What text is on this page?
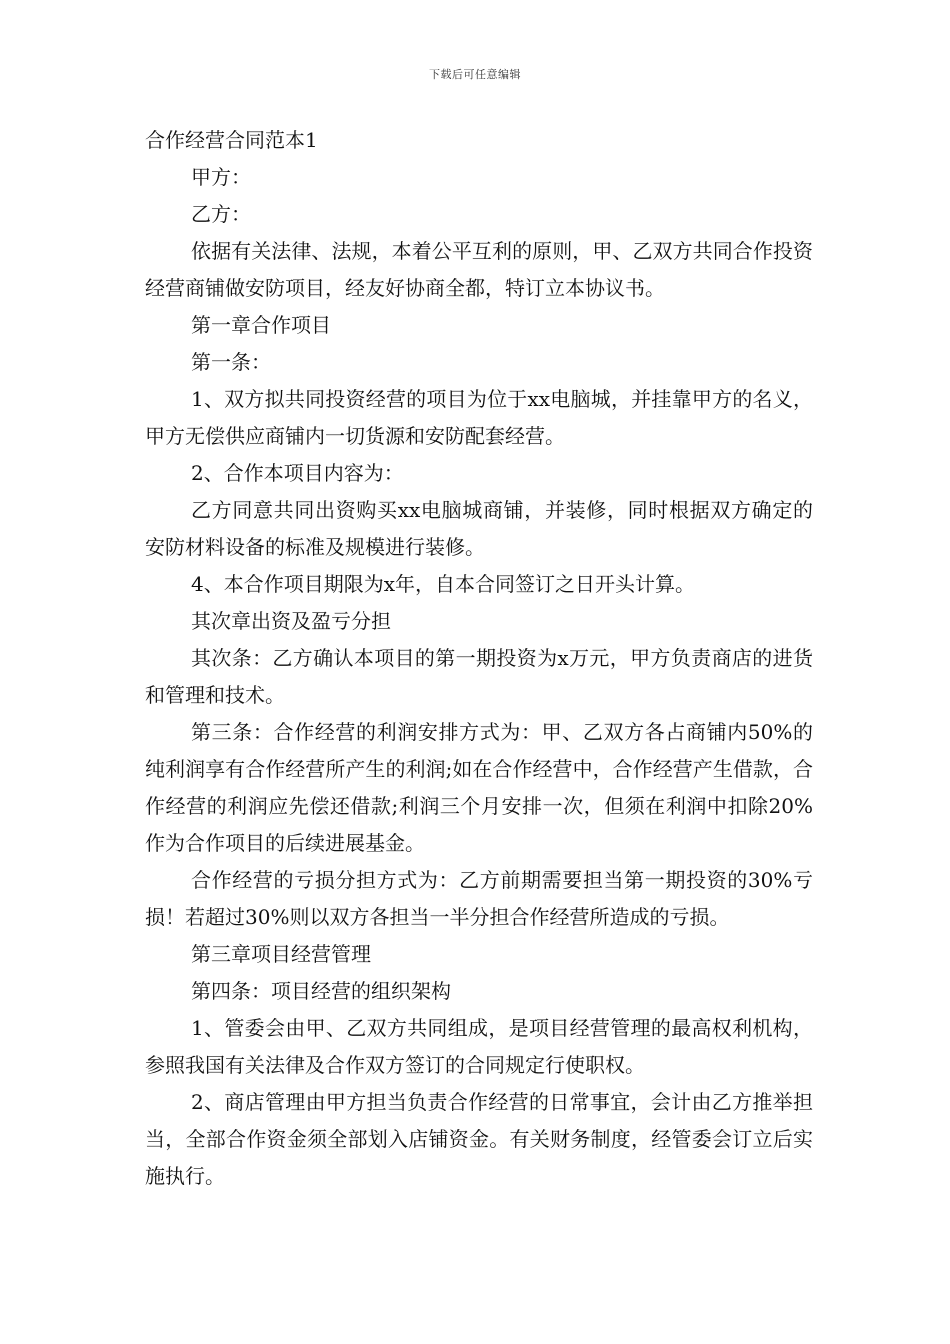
下载后可任意编辑
合作经营合同范本1

甲方：

乙方：

依据有关法律、法规，本着公平互利的原则，甲、乙双方共同合作投资经营商铺做安防项目，经友好协商全都，特订立本协议书。

第一章合作项目

第一条：

1、双方拟共同投资经营的项目为位于xx电脑城，并挂靠甲方的名义，甲方无偿供应商铺内一切货源和安防配套经营。

2、合作本项目内容为：

乙方同意共同出资购买xx电脑城商铺，并装修，同时根据双方确定的安防材料设备的标准及规模进行装修。

4、本合作项目期限为x年，自本合同签订之日开头计算。

其次章出资及盈亏分担

其次条：乙方确认本项目的第一期投资为x万元，甲方负责商店的进货和管理和技术。

第三条：合作经营的利润安排方式为：甲、乙双方各占商铺内50%的纯利润享有合作经营所产生的利润;如在合作经营中，合作经营产生借款，合作经营的利润应先偿还借款;利润三个月安排一次，但须在利润中扣除20%作为合作项目的后续进展基金。

合作经营的亏损分担方式为：乙方前期需要担当第一期投资的30%亏损！若超过30%则以双方各担当一半分担合作经营所造成的亏损。

第三章项目经营管理

第四条：项目经营的组织架构

1、管委会由甲、乙双方共同组成，是项目经营管理的最高权利机构，参照我国有关法律及合作双方签订的合同规定行使职权。

2、商店管理由甲方担当负责合作经营的日常事宜，会计由乙方推举担当，全部合作资金须全部划入店铺资金。有关财务制度，经管委会订立后实施执行。
